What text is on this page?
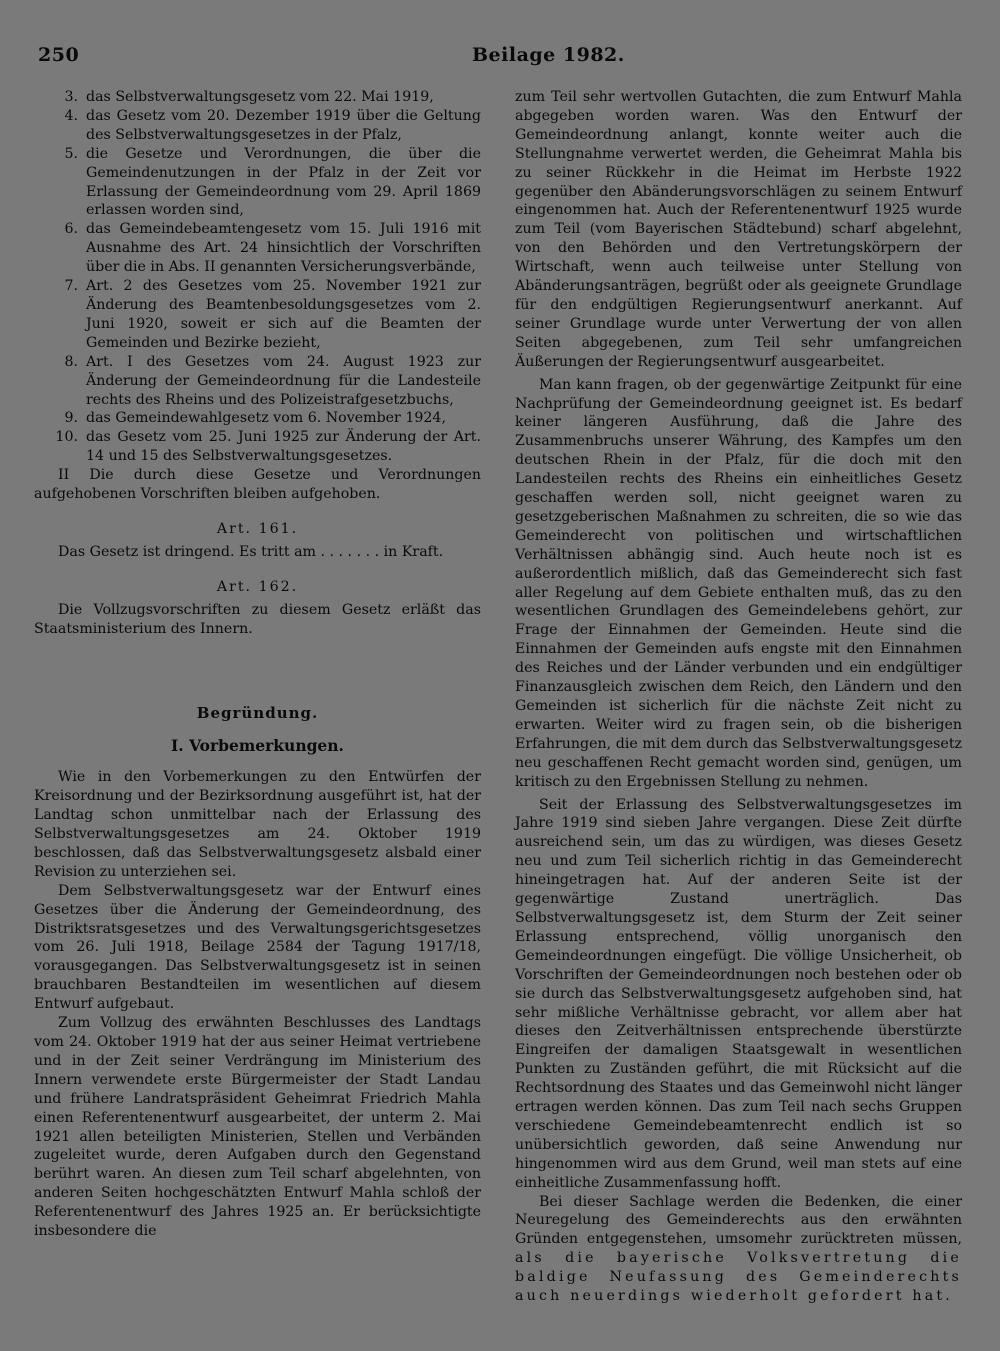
250	Beilage 1982.
3. das Selbstverwaltungsgesetz vom 22. Mai 1919,
4. das Gesetz vom 20. Dezember 1919 über die Geltung des Selbstverwaltungsgesetzes in der Pfalz,
5. die Gesetze und Verordnungen, die über die Gemeindenutzungen in der Pfalz in der Zeit vor Erlassung der Gemeindeordnung vom 29. April 1869 erlassen worden sind,
6. das Gemeindebeamtengesetz vom 15. Juli 1916 mit Ausnahme des Art. 24 hinsichtlich der Vorschriften über die in Abs. II genannten Versicherungsverbände,
7. Art. 2 des Gesetzes vom 25. November 1921 zur Änderung des Beamtenbesoldungsgesetzes vom 2. Juni 1920, soweit er sich auf die Beamten der Gemeinden und Bezirke bezieht,
8. Art. I des Gesetzes vom 24. August 1923 zur Änderung der Gemeindeordnung für die Landesteile rechts des Rheins und des Polizeistrafgesetzbuchs,
9. das Gemeindewahlgesetz vom 6. November 1924,
10. das Gesetz vom 25. Juni 1925 zur Änderung der Art. 14 und 15 des Selbstverwaltungsgesetzes.

II Die durch diese Gesetze und Verordnungen aufgehobenen Vorschriften bleiben aufgehoben.

Art. 161.

Das Gesetz ist dringend. Es tritt am . . . . . . . in Kraft.

Art. 162.

Die Vollzugsvorschriften zu diesem Gesetz erläßt das Staatsministerium des Innern.

Begründung.
I. Vorbemerkungen.

Wie in den Vorbemerkungen zu den Entwürfen der Kreisordnung und der Bezirksordnung ausgeführt ist, hat der Landtag schon unmittelbar nach der Erlassung des Selbstverwaltungsgesetzes am 24. Oktober 1919 beschlossen, daß das Selbstverwaltungsgesetz alsbald einer Revision zu unterziehen sei.

Dem Selbstverwaltungsgesetz war der Entwurf eines Gesetzes über die Änderung der Gemeindeordnung, des Distriktsratsgesetzes und des Verwaltungsgerichtsgesetzes vom 26. Juli 1918, Beilage 2584 der Tagung 1917/18, vorausgegangen. Das Selbstverwaltungsgesetz ist in seinen brauchbaren Bestandteilen im wesentlichen auf diesem Entwurf aufgebaut.

Zum Vollzug des erwähnten Beschlusses des Landtags vom 24. Oktober 1919 hat der aus seiner Heimat vertriebene und in der Zeit seiner Verdrängung im Ministerium des Innern verwendete erste Bürgermeister der Stadt Landau und frühere Landratspräsident Geheimrat Friedrich Mahla einen Referentenentwurf ausgearbeitet, der unterm 2. Mai 1921 allen beteiligten Ministerien, Stellen und Verbänden zugeleitet wurde, deren Aufgaben durch den Gegenstand berührt waren. An diesen zum Teil scharf abgelehnten, von anderen Seiten hochgeschätzten Entwurf Mahla schloß der Referentenentwurf des Jahres 1925 an. Er berücksichtigte insbesondere die

zum Teil sehr wertvollen Gutachten, die zum Entwurf Mahla abgegeben worden waren. Was den Entwurf der Gemeindeordnung anlangt, konnte weiter auch die Stellungnahme verwertet werden, die Geheimrat Mahla bis zu seiner Rückkehr in die Heimat im Herbste 1922 gegenüber den Abänderungsvorschlägen zu seinem Entwurf eingenommen hat. Auch der Referentenentwurf 1925 wurde zum Teil (vom Bayerischen Städtebund) scharf abgelehnt, von den Behörden und den Vertretungskörpern der Wirtschaft, wenn auch teilweise unter Stellung von Abänderungsanträgen, begrüßt oder als geeignete Grundlage für den endgültigen Regierungsentwurf anerkannt. Auf seiner Grundlage wurde unter Verwertung der von allen Seiten abgegebenen, zum Teil sehr umfangreichen Äußerungen der Regierungsentwurf ausgearbeitet.

Man kann fragen, ob der gegenwärtige Zeitpunkt für eine Nachprüfung der Gemeindeordnung geeignet ist. Es bedarf keiner längeren Ausführung, daß die Jahre des Zusammenbruchs unserer Währung, des Kampfes um den deutschen Rhein in der Pfalz, für die doch mit den Landesteilen rechts des Rheins ein einheitliches Gesetz geschaffen werden soll, nicht geeignet waren zu gesetzgeberischen Maßnahmen zu schreiten, die so wie das Gemeinderecht von politischen und wirtschaftlichen Verhältnissen abhängig sind. Auch heute noch ist es außerordentlich mißlich, daß das Gemeinderecht sich fast aller Regelung auf dem Gebiete enthalten muß, das zu den wesentlichen Grundlagen des Gemeindelebens gehört, zur Frage der Einnahmen der Gemeinden. Heute sind die Einnahmen der Gemeinden aufs engste mit den Einnahmen des Reiches und der Länder verbunden und ein endgültiger Finanzausgleich zwischen dem Reich, den Ländern und den Gemeinden ist sicherlich für die nächste Zeit nicht zu erwarten. Weiter wird zu fragen sein, ob die bisherigen Erfahrungen, die mit dem durch das Selbstverwaltungsgesetz neu geschaffenen Recht gemacht worden sind, genügen, um kritisch zu den Ergebnissen Stellung zu nehmen.

Seit der Erlassung des Selbstverwaltungsgesetzes im Jahre 1919 sind sieben Jahre vergangen. Diese Zeit dürfte ausreichend sein, um das zu würdigen, was dieses Gesetz neu und zum Teil sicherlich richtig in das Gemeinderecht hineingetragen hat. Auf der anderen Seite ist der gegenwärtige Zustand unerträglich. Das Selbstverwaltungsgesetz ist, dem Sturm der Zeit seiner Erlassung entsprechend, völlig unorganisch den Gemeindeordnungen eingefügt. Die völlige Unsicherheit, ob Vorschriften der Gemeindeordnungen noch bestehen oder ob sie durch das Selbstverwaltungsgesetz aufgehoben sind, hat sehr mißliche Verhältnisse gebracht, vor allem aber hat dieses den Zeitverhältnissen entsprechende überstürzte Eingreifen der damaligen Staatsgewalt in wesentlichen Punkten zu Zuständen geführt, die mit Rücksicht auf die Rechtsordnung des Staates und das Gemeinwohl nicht länger ertragen werden können. Das zum Teil nach sechs Gruppen verschiedene Gemeindebeamtenrecht endlich ist so unübersichtlich geworden, daß seine Anwendung nur hingenommen wird aus dem Grund, weil man stets auf eine einheitliche Zusammenfassung hofft.

Bei dieser Sachlage werden die Bedenken, die einer Neuregelung des Gemeinderechts aus den erwähnten Gründen entgegenstehen, umsomehr zurücktreten müssen, als die bayerische Volksvertretung die baldige Neufassung des Gemeinderechts auch neuerdings wiederholt gefordert hat.
